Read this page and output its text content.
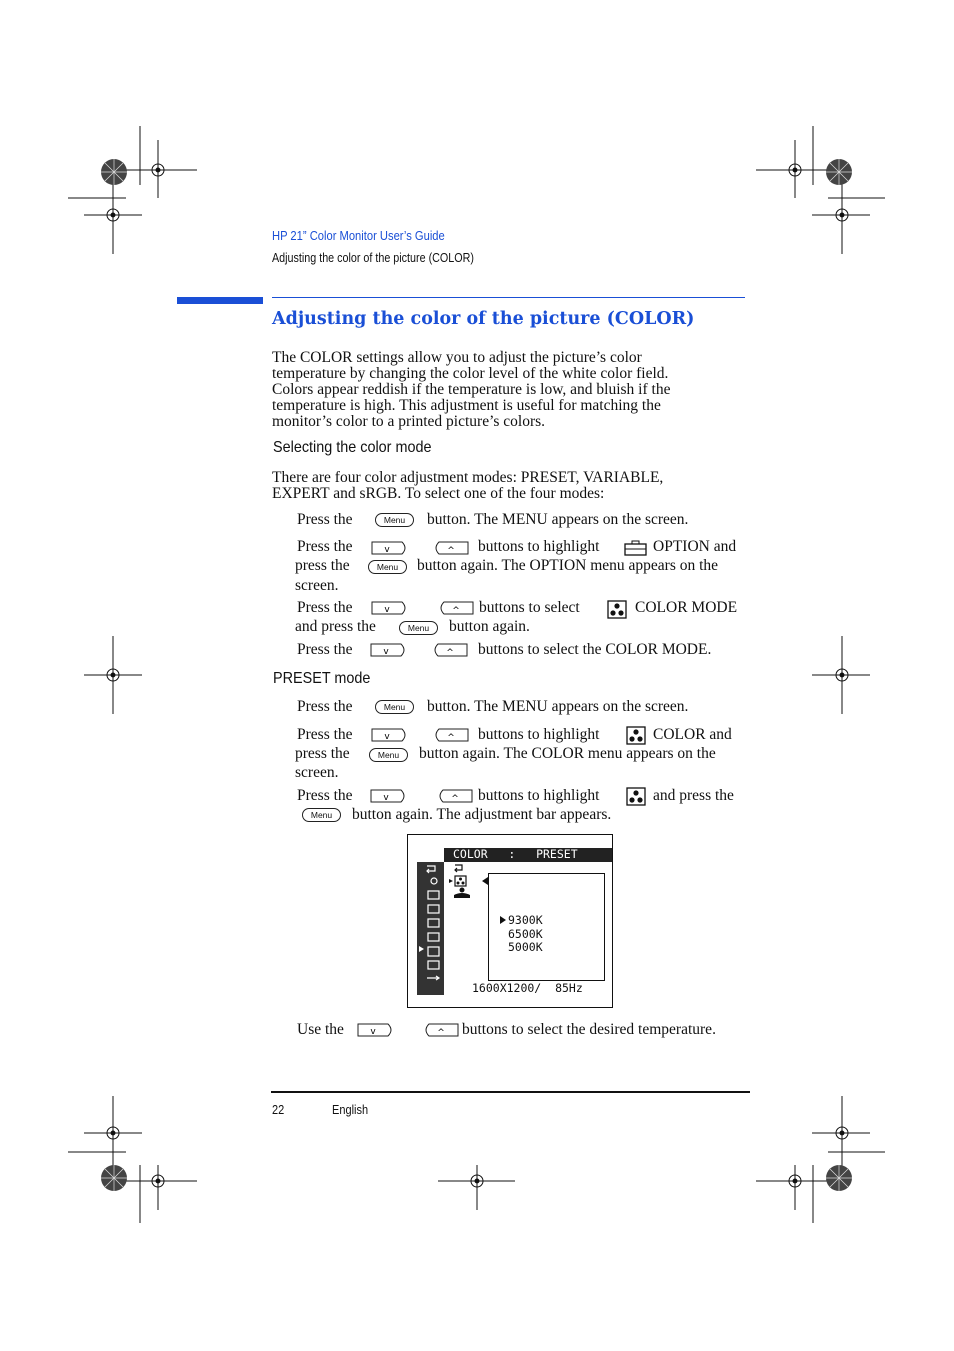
HP 21” Color Monitor User’s Guide
Adjusting the color of the picture (COLOR)
Adjusting the color of the picture (COLOR)
The COLOR settings allow you to adjust the picture’s color
temperature by changing the color level of the white color field.
Colors appear reddish if the temperature is low, and bluish if the
temperature is high. This adjustment is useful for matching the
monitor’s color to a printed picture’s colors.
Selecting the color mode
There are four color adjustment modes: PRESET, VARIABLE,
EXPERT and sRGB. To select one of the four modes:
Press the	Menu	button. The MENU appears on the screen.
Press the	v	^ buttons to highlight	OPTION and
press the	Menu	button again. The OPTION menu appears on the
screen.
Press the	v	^ buttons to select	COLOR MODE
and press the	Menu	button again.
Press the	v	^ buttons to select the COLOR MODE.
PRESET mode
Press the	Menu	button. The MENU appears on the screen.
Press the	v	^ buttons to highlight	COLOR and
press the	Menu	button again. The COLOR menu appears on the
screen.
Press the	v	^ buttons to highlight	and press the
Menu	button again. The adjustment bar appears.
COLOR   :   PRESET
9300K
6500K
5000K
1600X1200/  85Hz
Use the	v	^ buttons to select the desired temperature.
22	English
